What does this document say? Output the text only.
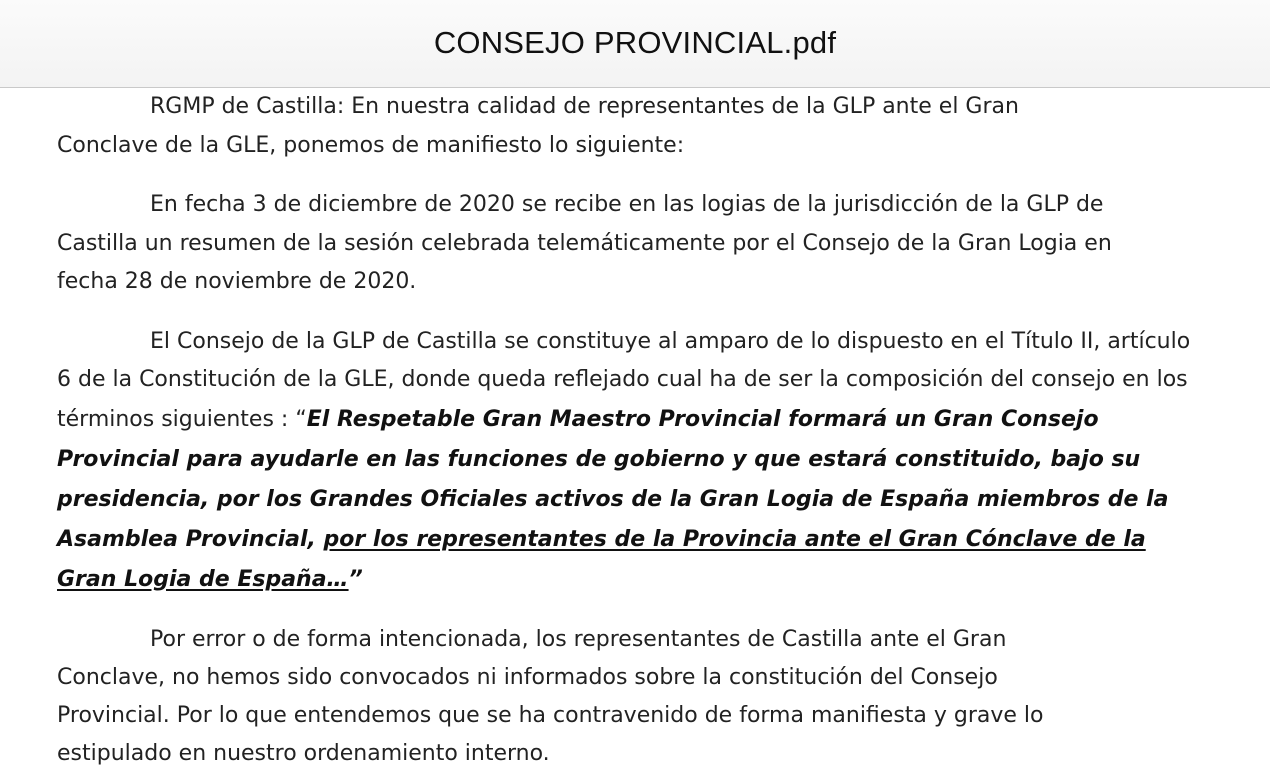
CONSEJO PROVINCIAL.pdf

RGMP de Castilla: En nuestra calidad de representantes de la GLP ante el Gran Conclave de la GLE, ponemos de manifiesto lo siguiente:

En fecha 3 de diciembre de 2020 se recibe en las logias de la jurisdicción de la GLP de Castilla un resumen de la sesión celebrada telemáticamente por el Consejo de la Gran Logia en fecha 28 de noviembre de 2020.

El Consejo de la GLP de Castilla se constituye al amparo de lo dispuesto en el Título II, artículo 6 de la Constitución de la GLE, donde queda reflejado cual ha de ser la composición del consejo en los términos siguientes : “El Respetable Gran Maestro Provincial formará un Gran Consejo Provincial para ayudarle en las funciones de gobierno y que estará constituido, bajo su presidencia, por los Grandes Oficiales activos de la Gran Logia de España miembros de la Asamblea Provincial, por los representantes de la Provincia ante el Gran Cónclave de la Gran Logia de España…”

Por error o de forma intencionada, los representantes de Castilla ante el Gran Conclave, no hemos sido convocados ni informados sobre la constitución del Consejo Provincial. Por lo que entendemos que se ha contravenido de forma manifiesta y grave lo estipulado en nuestro ordenamiento interno.
